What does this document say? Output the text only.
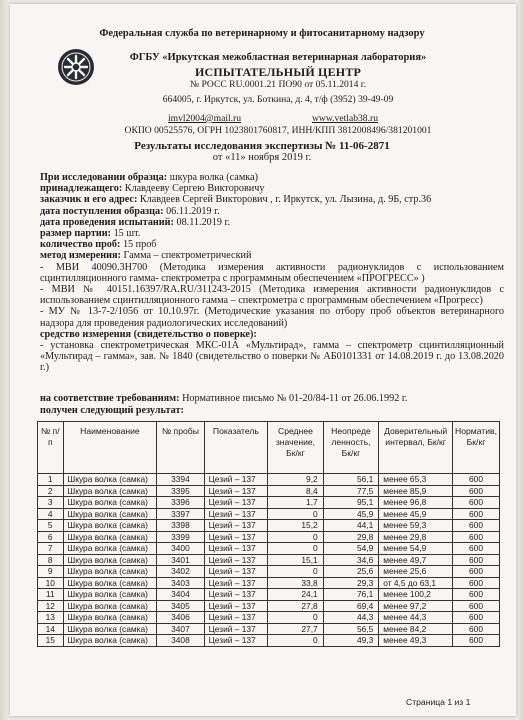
Федеральная служба по ветеринарному и фитосанитарному надзору
ФГБУ «Иркутская межобластная ветеринарная лаборатория»
ИСПЫТАТЕЛЬНЫЙ ЦЕНТР
№ РОСС RU.0001.21 ПО90 от 05.11.2014 г.
664005, г. Иркутск, ул. Боткина, д. 4, т/ф (3952) 39-49-09
imvl2004@mail.ru	www.vetlab38.ru
ОКПО 00525576, ОГРН 1023801760817, ИНН/КПП 3812008496/381201001
Результаты исследования экспертизы № 11-06-2871
от «11» ноября 2019 г.

При исследовании образца: шкура волка (самка)

принадлежащего: Клавдееву Сергею Викторовичу

заказчик и его адрес: Клавдеев Сергей Викторович , г. Иркутск, ул. Лызина, д. 9Б, стр.36

дата поступления образца: 06.11.2019 г.

дата проведения испытаний: 08.11.2019 г.

размер партии: 15 шт.

количество проб: 15 проб

метод измерения: Гамма – спектрометрический

- МВИ 40090.3Н700 (Методика измерения активности радионуклидов с использованием сцинтилляционного гамма- спектрометра с программным обеспечением «ПРОГРЕСС» )

- МВИ № 40151.16397/RA.RU/311243-2015 (Методика измерения активности радионуклидов с использованием сцинтилляционного гамма – спектрометра с программным обеспечением «Прогресс)

- МУ № 13-7-2/1056 от 10.10.97г. (Методические указания по отбору проб объектов ветеринарного надзора для проведения радиологических исследований)

средство измерения (свидетельство о поверке):

- установка спектрометрическая МКС-01А «Мультирад», гамма – спектрометр сцинтилляционный «Мультирад – гамма», зав. № 1840 (свидетельство о поверки № АБ0101331 от 14.08.2019 г. до 13.08.2020 г.)

на соответствие требованиям: Нормативное письмо № 01-20/84-11 от 26.06.1992 г.
получен следующий результат:
№ п/п	Наименование	№ пробы	Показатель	Среднее значение, Бк/кг	Неопреде ленность, Бк/кг	Доверительный интервал, Бк/кг	Норматив, Бк/кг
1	Шкура волка (самка)	3394	Цезий – 137	9,2	56,1	менее 65,3	600
2	Шкура волка (самка)	3395	Цезий – 137	8,4	77,5	менее 85,9	600
3	Шкура волка (самка)	3396	Цезий – 137	1,7	95,1	менее 96,8	600
4	Шкура волка (самка)	3397	Цезий – 137	0	45,9	менее 45,9	600
5	Шкура волка (самка)	3398	Цезий – 137	15,2	44,1	менее 59,3	600
6	Шкура волка (самка)	3399	Цезий – 137	0	29,8	менее 29,8	600
7	Шкура волка (самка)	3400	Цезий – 137	0	54,9	менее 54,9	600
8	Шкура волка (самка)	3401	Цезий – 137	15,1	34,6	менее 49,7	600
9	Шкура волка (самка)	3402	Цезий – 137	0	25,6	менее 25,6	600
10	Шкура волка (самка)	3403	Цезий – 137	33,8	29,3	от 4,5 до 63,1	600
11	Шкура волка (самка)	3404	Цезий – 137	24,1	76,1	менее 100,2	600
12	Шкура волка (самка)	3405	Цезий – 137	27,8	69,4	менее 97,2	600
13	Шкура волка (самка)	3406	Цезий – 137	0	44,3	менее 44,3	600
14	Шкура волка (самка)	3407	Цезий – 137	27,7	56,5	менее 84,2	600
15	Шкура волка (самка)	3408	Цезий – 137	0	49,3	менее 49,3	600
Страница 1 из 1
